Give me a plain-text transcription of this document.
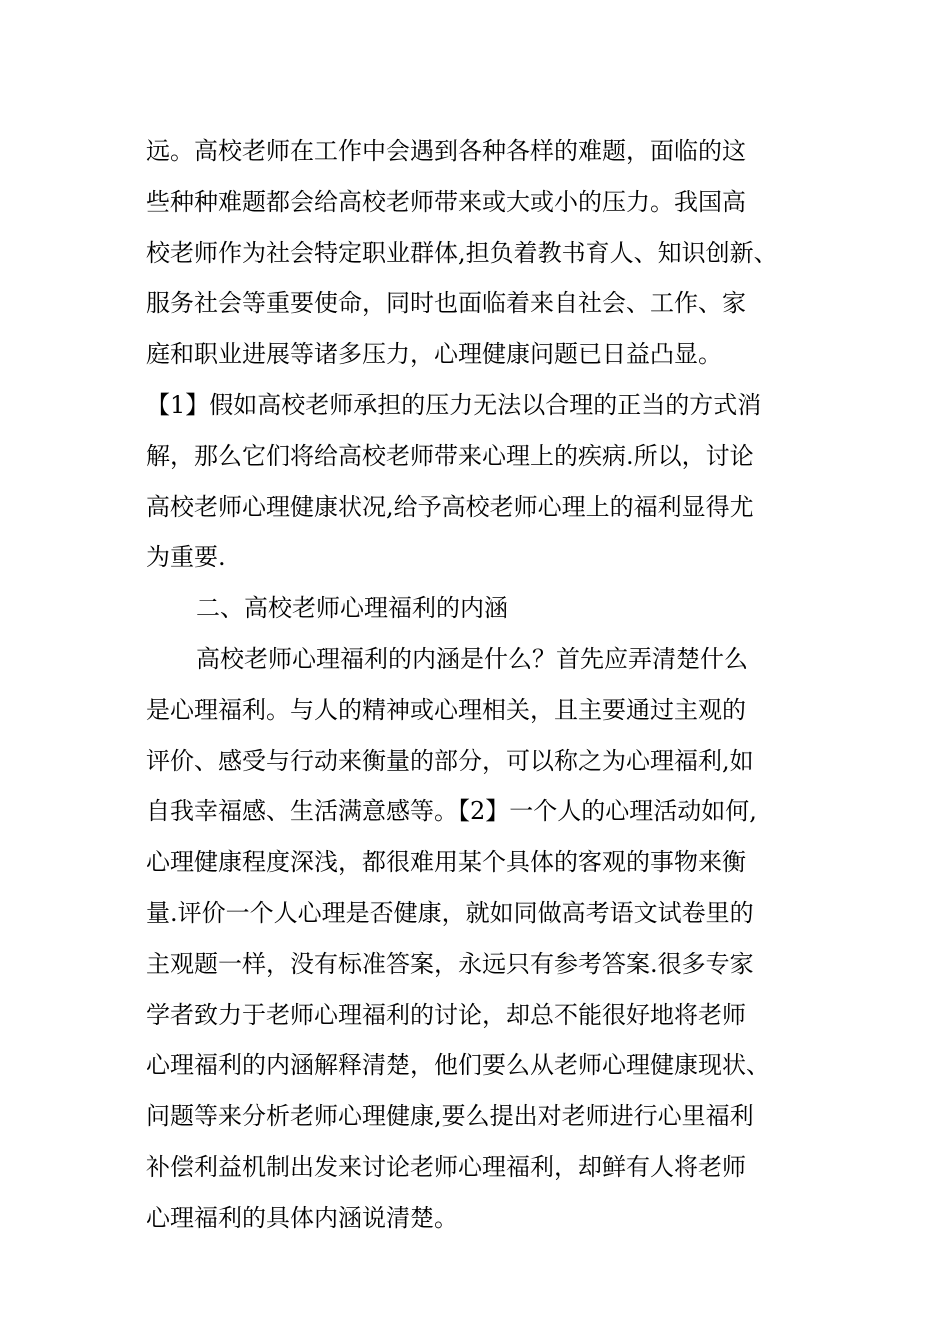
远。高校老师在工作中会遇到各种各样的难题，面临的这
些种种难题都会给高校老师带来或大或小的压力。我国高
校老师作为社会特定职业群体,担负着教书育人、知识创新、
服务社会等重要使命，同时也面临着来自社会、工作、家
庭和职业进展等诸多压力，心理健康问题已日益凸显。
【1】假如高校老师承担的压力无法以合理的正当的方式消
解，那么它们将给高校老师带来心理上的疾病.所以，讨论
高校老师心理健康状况,给予高校老师心理上的福利显得尤
为重要.
二、高校老师心理福利的内涵
高校老师心理福利的内涵是什么？首先应弄清楚什么
是心理福利。与人的精神或心理相关，且主要通过主观的
评价、感受与行动来衡量的部分，可以称之为心理福利,如
自我幸福感、生活满意感等。【2】一个人的心理活动如何,
心理健康程度深浅，都很难用某个具体的客观的事物来衡
量.评价一个人心理是否健康，就如同做高考语文试卷里的
主观题一样，没有标准答案，永远只有参考答案.很多专家
学者致力于老师心理福利的讨论，却总不能很好地将老师
心理福利的内涵解释清楚，他们要么从老师心理健康现状、
问题等来分析老师心理健康,要么提出对老师进行心里福利
补偿利益机制出发来讨论老师心理福利，却鲜有人将老师
心理福利的具体内涵说清楚。
